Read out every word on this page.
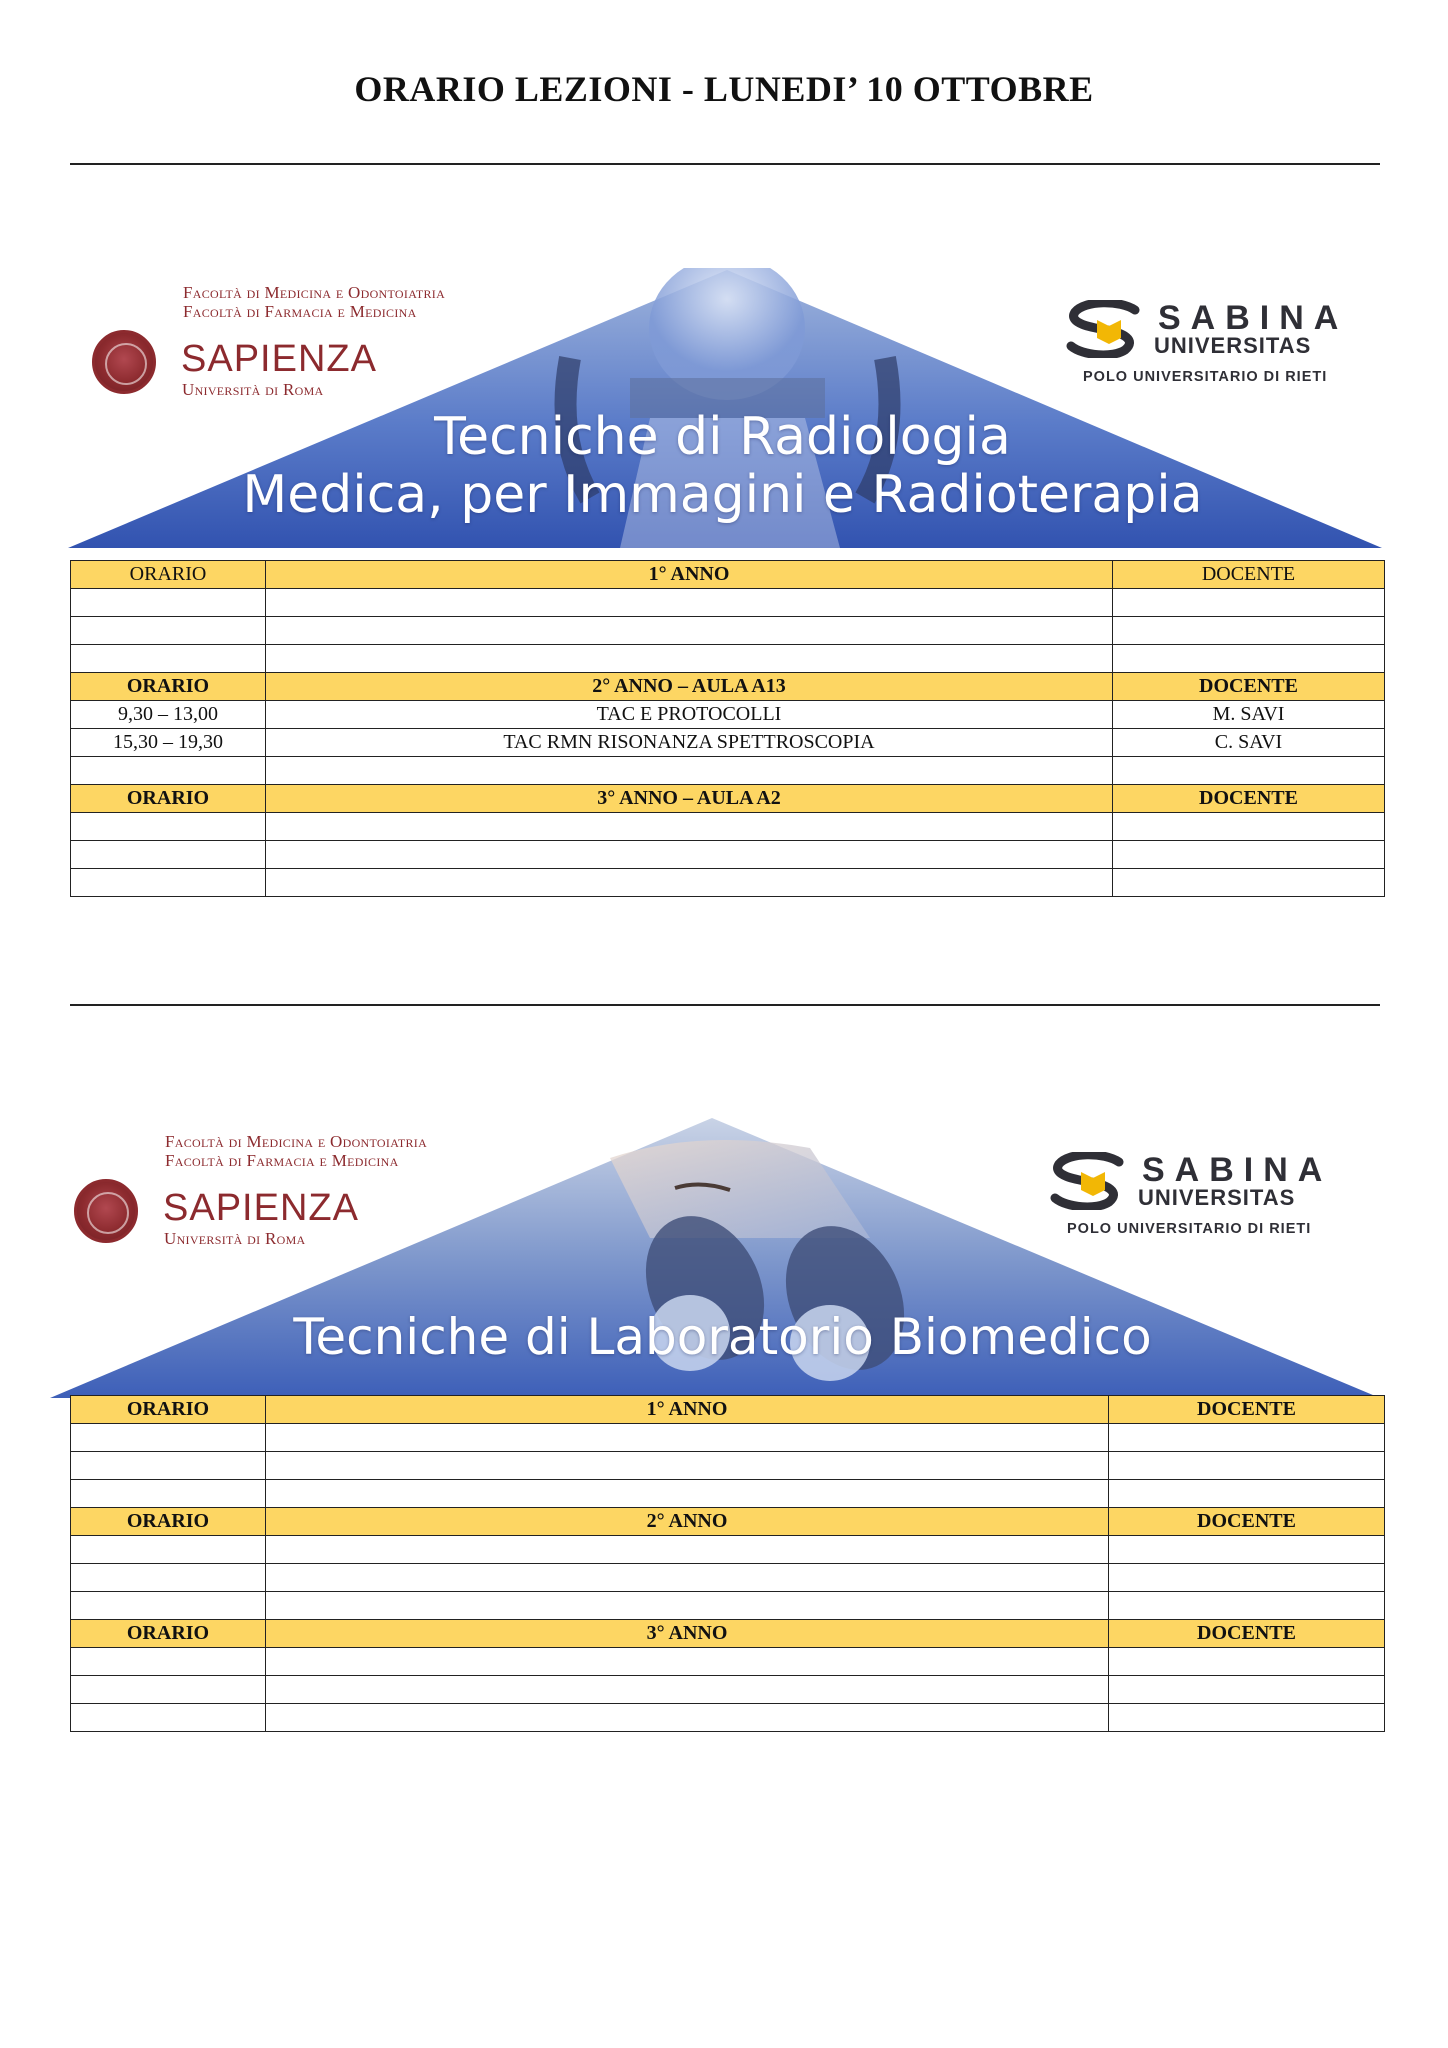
ORARIO LEZIONI - LUNEDI’ 10 OTTOBRE
Tecniche di Radiologia
Medica, per Immagini e Radioterapia
Facoltà di Medicina e Odontoiatria
Facoltà di Farmacia e Medicina
SAPIENZA
Università di Roma
SABINA
UNIVERSITAS
POLO UNIVERSITARIO DI RIETI
ORARIO	1° ANNO	DOCENTE

ORARIO	2° ANNO – AULA A13	DOCENTE
9,30 – 13,00	TAC E PROTOCOLLI	M. SAVI
15,30 – 19,30	TAC RMN RISONANZA SPETTROSCOPIA	C. SAVI

ORARIO	3° ANNO – AULA A2	DOCENTE

Tecniche di Laboratorio Biomedico
Facoltà di Medicina e Odontoiatria
Facoltà di Farmacia e Medicina
SAPIENZA
Università di Roma
SABINA
UNIVERSITAS
POLO UNIVERSITARIO DI RIETI
ORARIO	1° ANNO	DOCENTE

ORARIO	2° ANNO	DOCENTE

ORARIO	3° ANNO	DOCENTE
